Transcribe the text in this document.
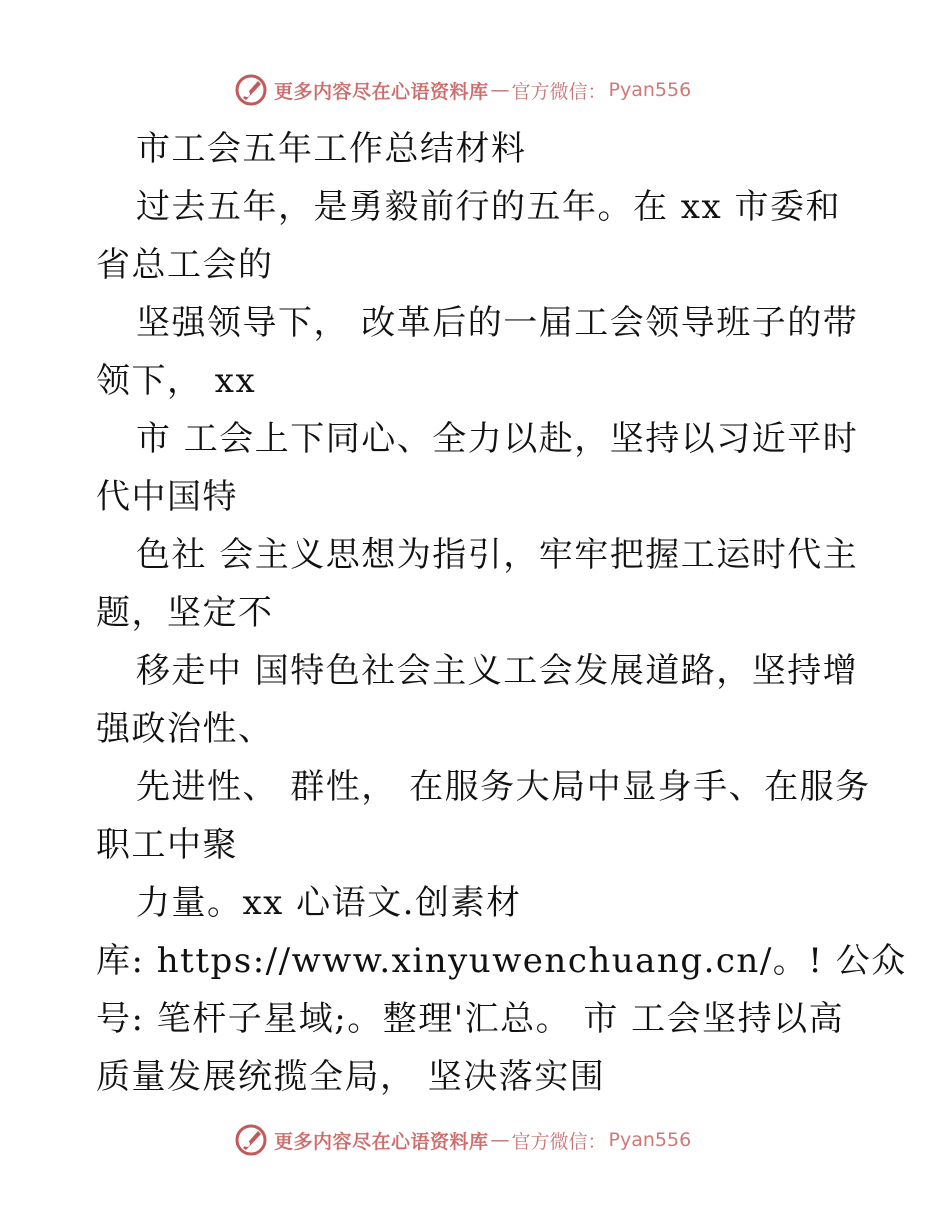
更多内容尽在心语资料库 — 官方微信： Pyan556

市工会五年工作总结材料

过去五年，是勇毅前行的五年。在 xx 市委和

省总工会的

坚强领导下， 改革后的一届工会领导班子的带

领下， xx

市 工会上下同心、全力以赴，坚持以习近平时

代中国特

色社 会主义思想为指引，牢牢把握工运时代主

题，坚定不

移走中 国特色社会主义工会发展道路，坚持增

强政治性、

先进性、 群性， 在服务大局中显身手、在服务

职工中聚

力量。xx 心语文.创素材

库: https://www.xinyuwenchuang.cn/。! 公众

号: 笔杆子星域;。整理'汇总。 市 工会坚持以高

质量发展统揽全局， 坚决落实围

更多内容尽在心语资料库 — 官方微信： Pyan556
